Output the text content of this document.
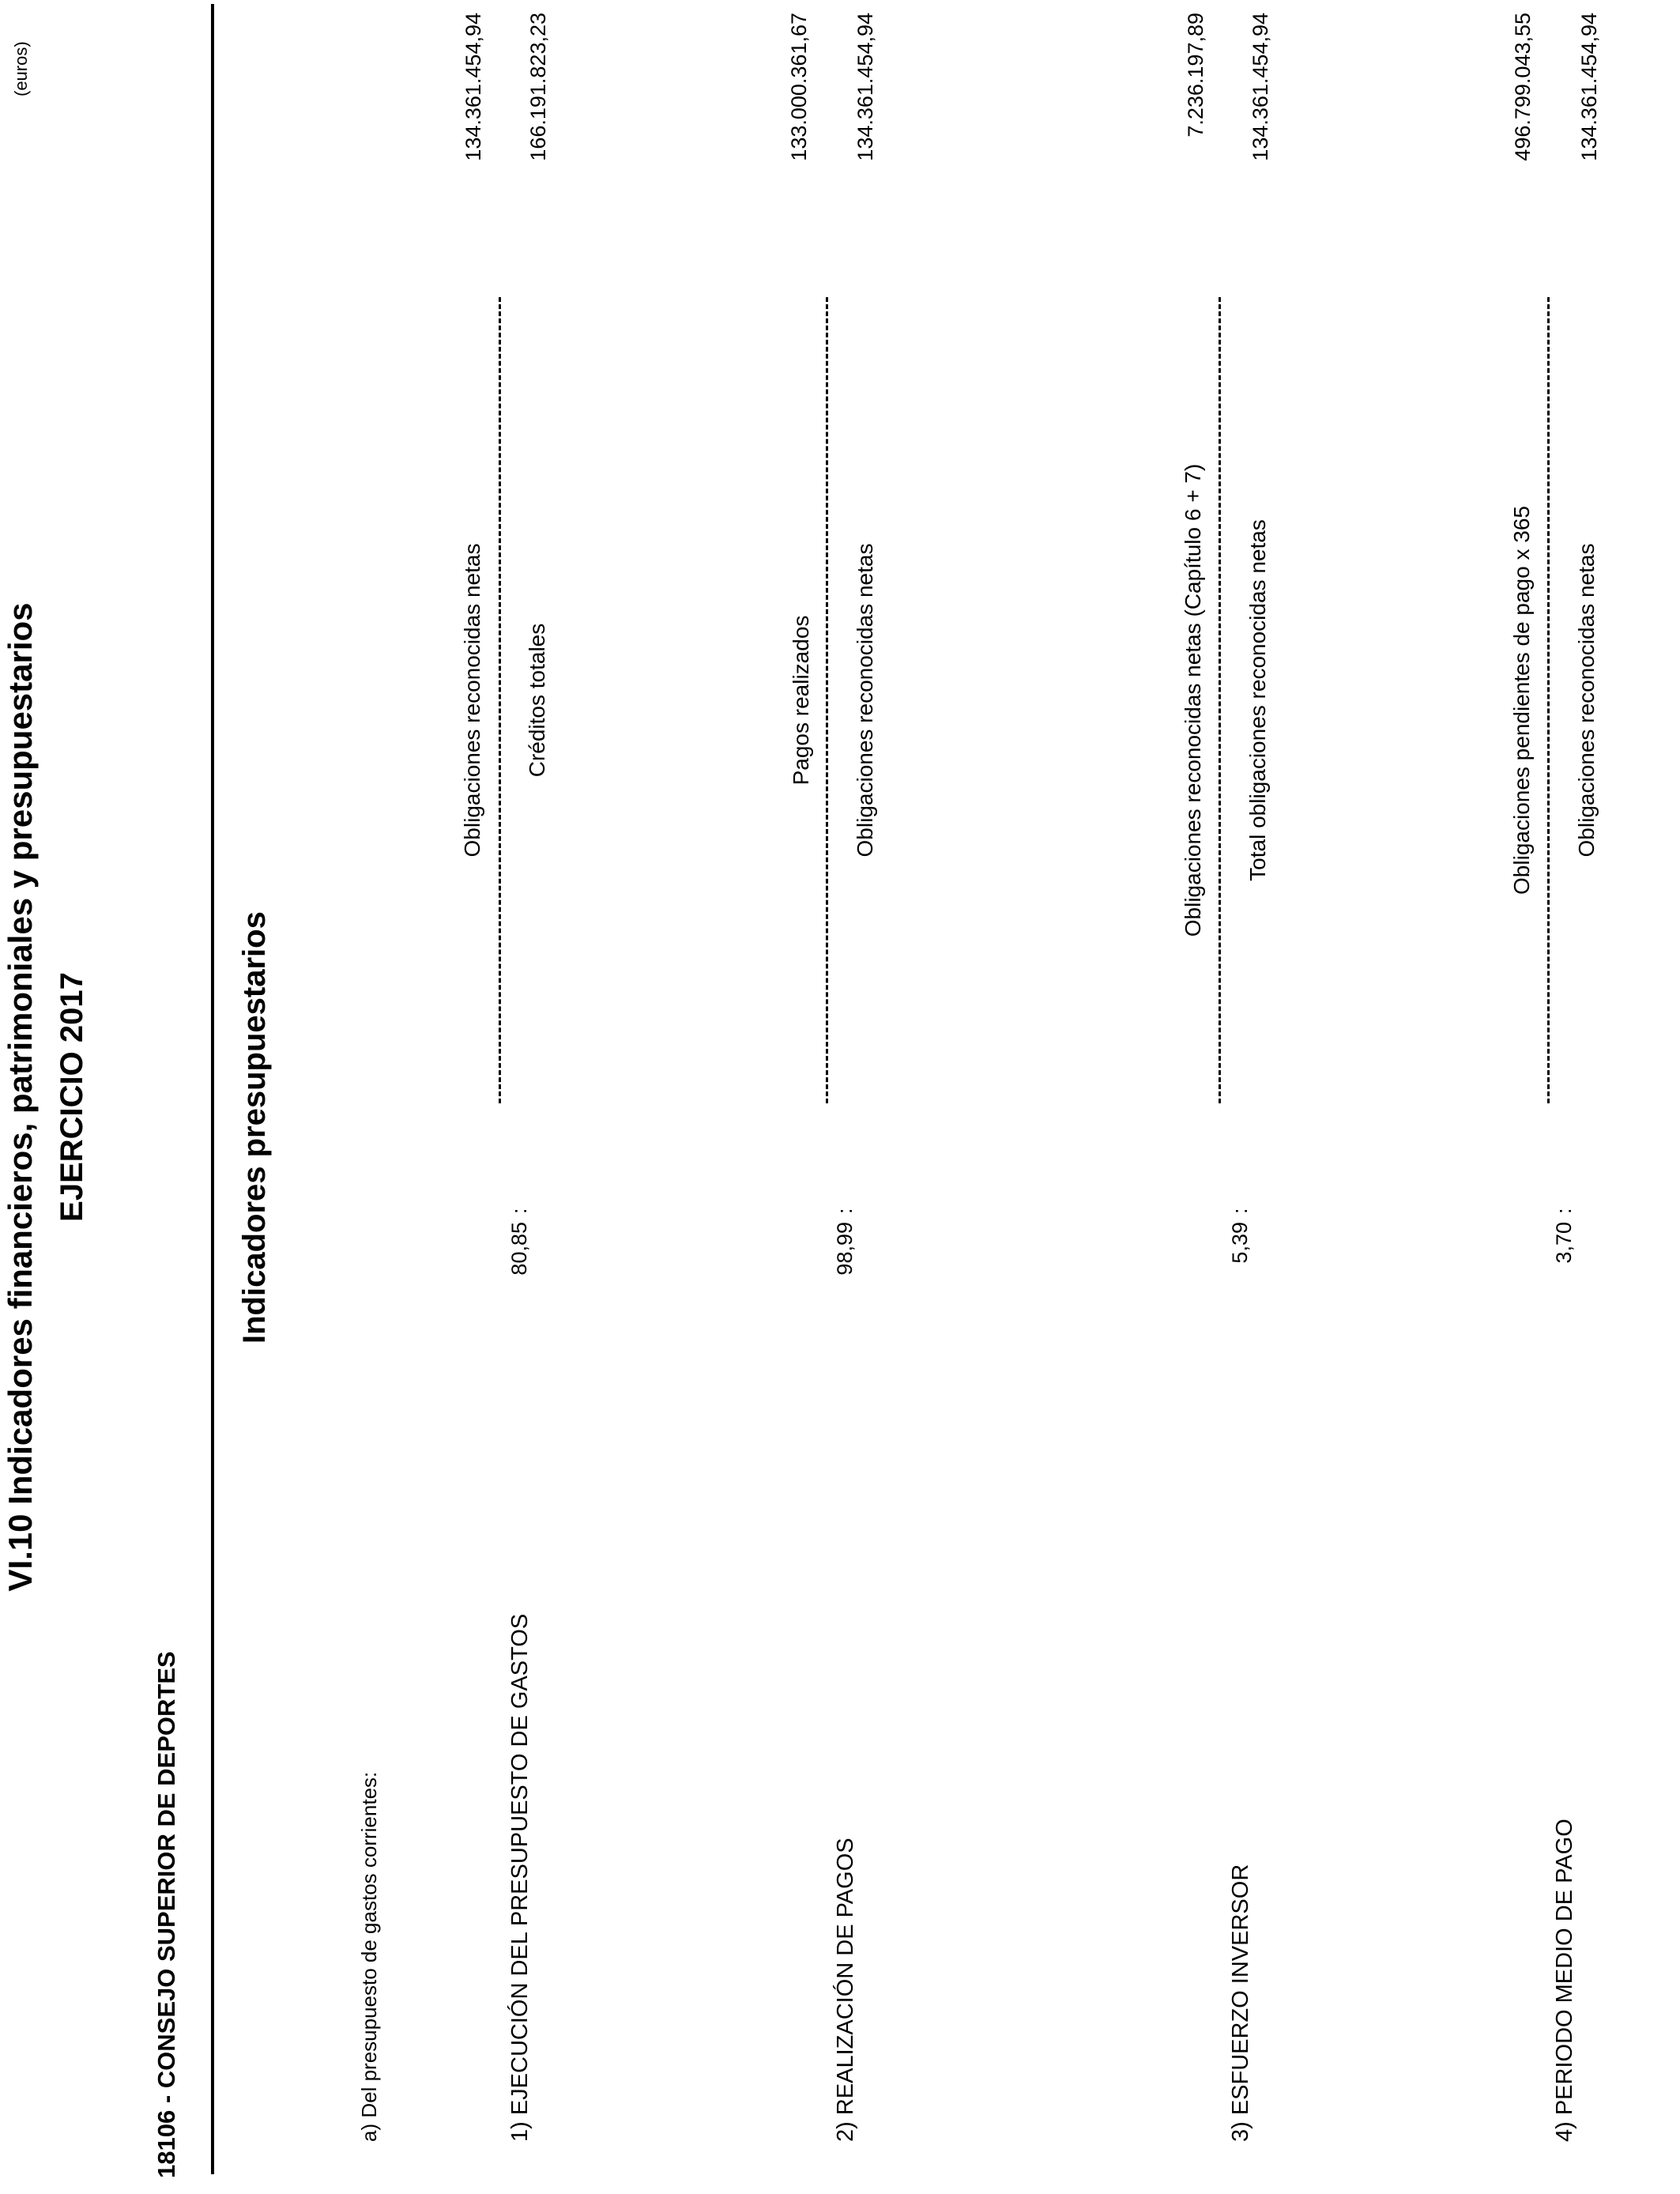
VI.10 Indicadores financieros, patrimoniales y presupuestarios EJERCICIO 2017
(euros)
18106 - CONSEJO SUPERIOR DE DEPORTES
Indicadores presupuestarios
a) Del presupuesto de gastos corrientes:	1) EJECUCIÓN DEL PRESUPUESTO DE GASTOS
80,85
:
Obligaciones reconocidas netas Créditos totales
134.361.454,94 166.191.823,23
2) REALIZACIÓN DE PAGOS
98,99
:
Pagos realizados Obligaciones reconocidas netas
133.000.361,67 134.361.454,94
3) ESFUERZO INVERSOR
5,39
:
Obligaciones reconocidas netas (Capítulo 6 + 7) Total obligaciones reconocidas netas
7.236.197,89 134.361.454,94
4) PERIODO MEDIO DE PAGO
3,70
:
Obligaciones pendientes de pago x 365 Obligaciones reconocidas netas
496.799.043,55 134.361.454,94
